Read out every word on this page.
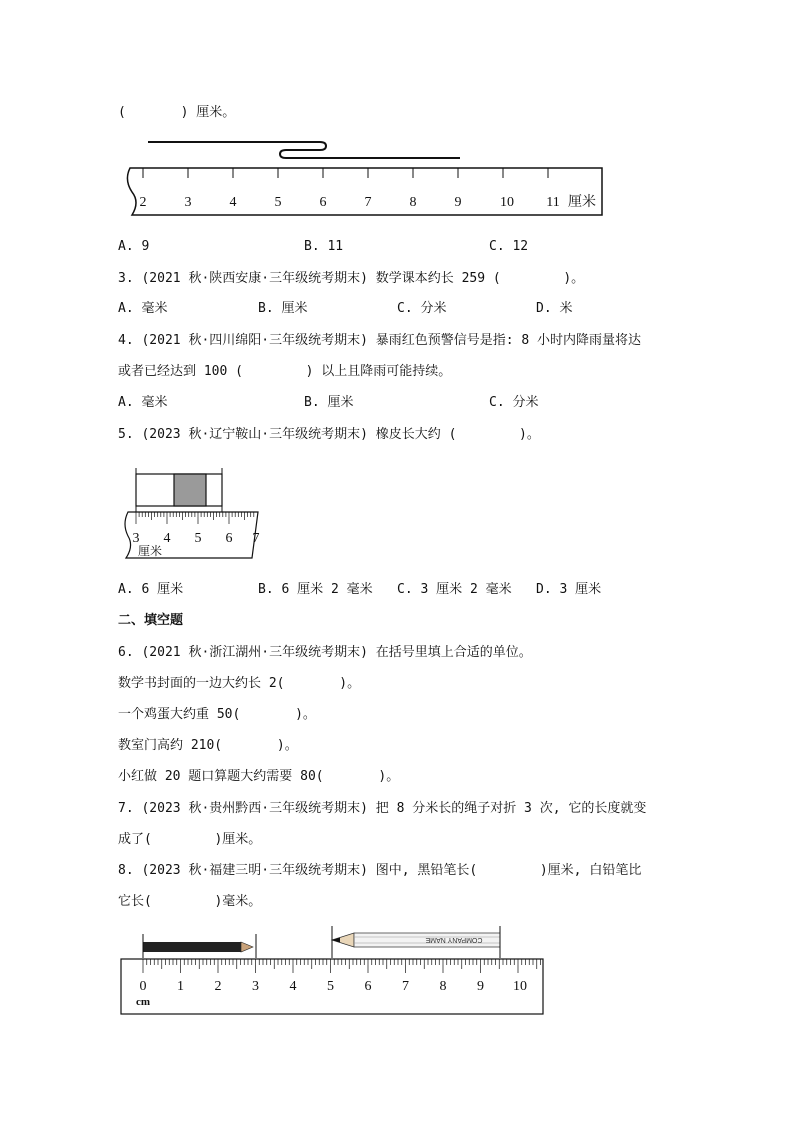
(       ) 厘米。
2	3	4	5	6	7	8	9	10 11 厘米
A. 9	B. 11	C. 12
3. (2021 秋·陕西安康·三年级统考期末) 数学课本约长 259 (        )。
A. 毫米	B. 厘米	C. 分米	D. 米
4. (2021 秋·四川绵阳·三年级统考期末) 暴雨红色预警信号是指: 8 小时内降雨量将达
或者已经达到 100 (        ) 以上且降雨可能持续。
A. 毫米	B. 厘米	C. 分米
5. (2023 秋·辽宁鞍山·三年级统考期末) 橡皮长大约 (        )。
3 4 5 6 7
厘米
A. 6 厘米	B. 6 厘米 2 毫米 C. 3 厘米 2 毫米 D. 3 厘米
二、填空题
6. (2021 秋·浙江湖州·三年级统考期末) 在括号里填上合适的单位。
数学书封面的一边大约长 2(       )。
一个鸡蛋大约重 50(       )。
教室门高约 210(       )。
小红做 20 题口算题大约需要 80(       )。
7. (2023 秋·贵州黔西·三年级统考期末) 把 8 分米长的绳子对折 3 次, 它的长度就变
成了(        )厘米。
8. (2023 秋·福建三明·三年级统考期末) 图中, 黑铅笔长(        )厘米, 白铅笔比
它长(        )毫米。
COMPANY NAME
0 1 2 3 4 5 6 7 8 9 10
cm
